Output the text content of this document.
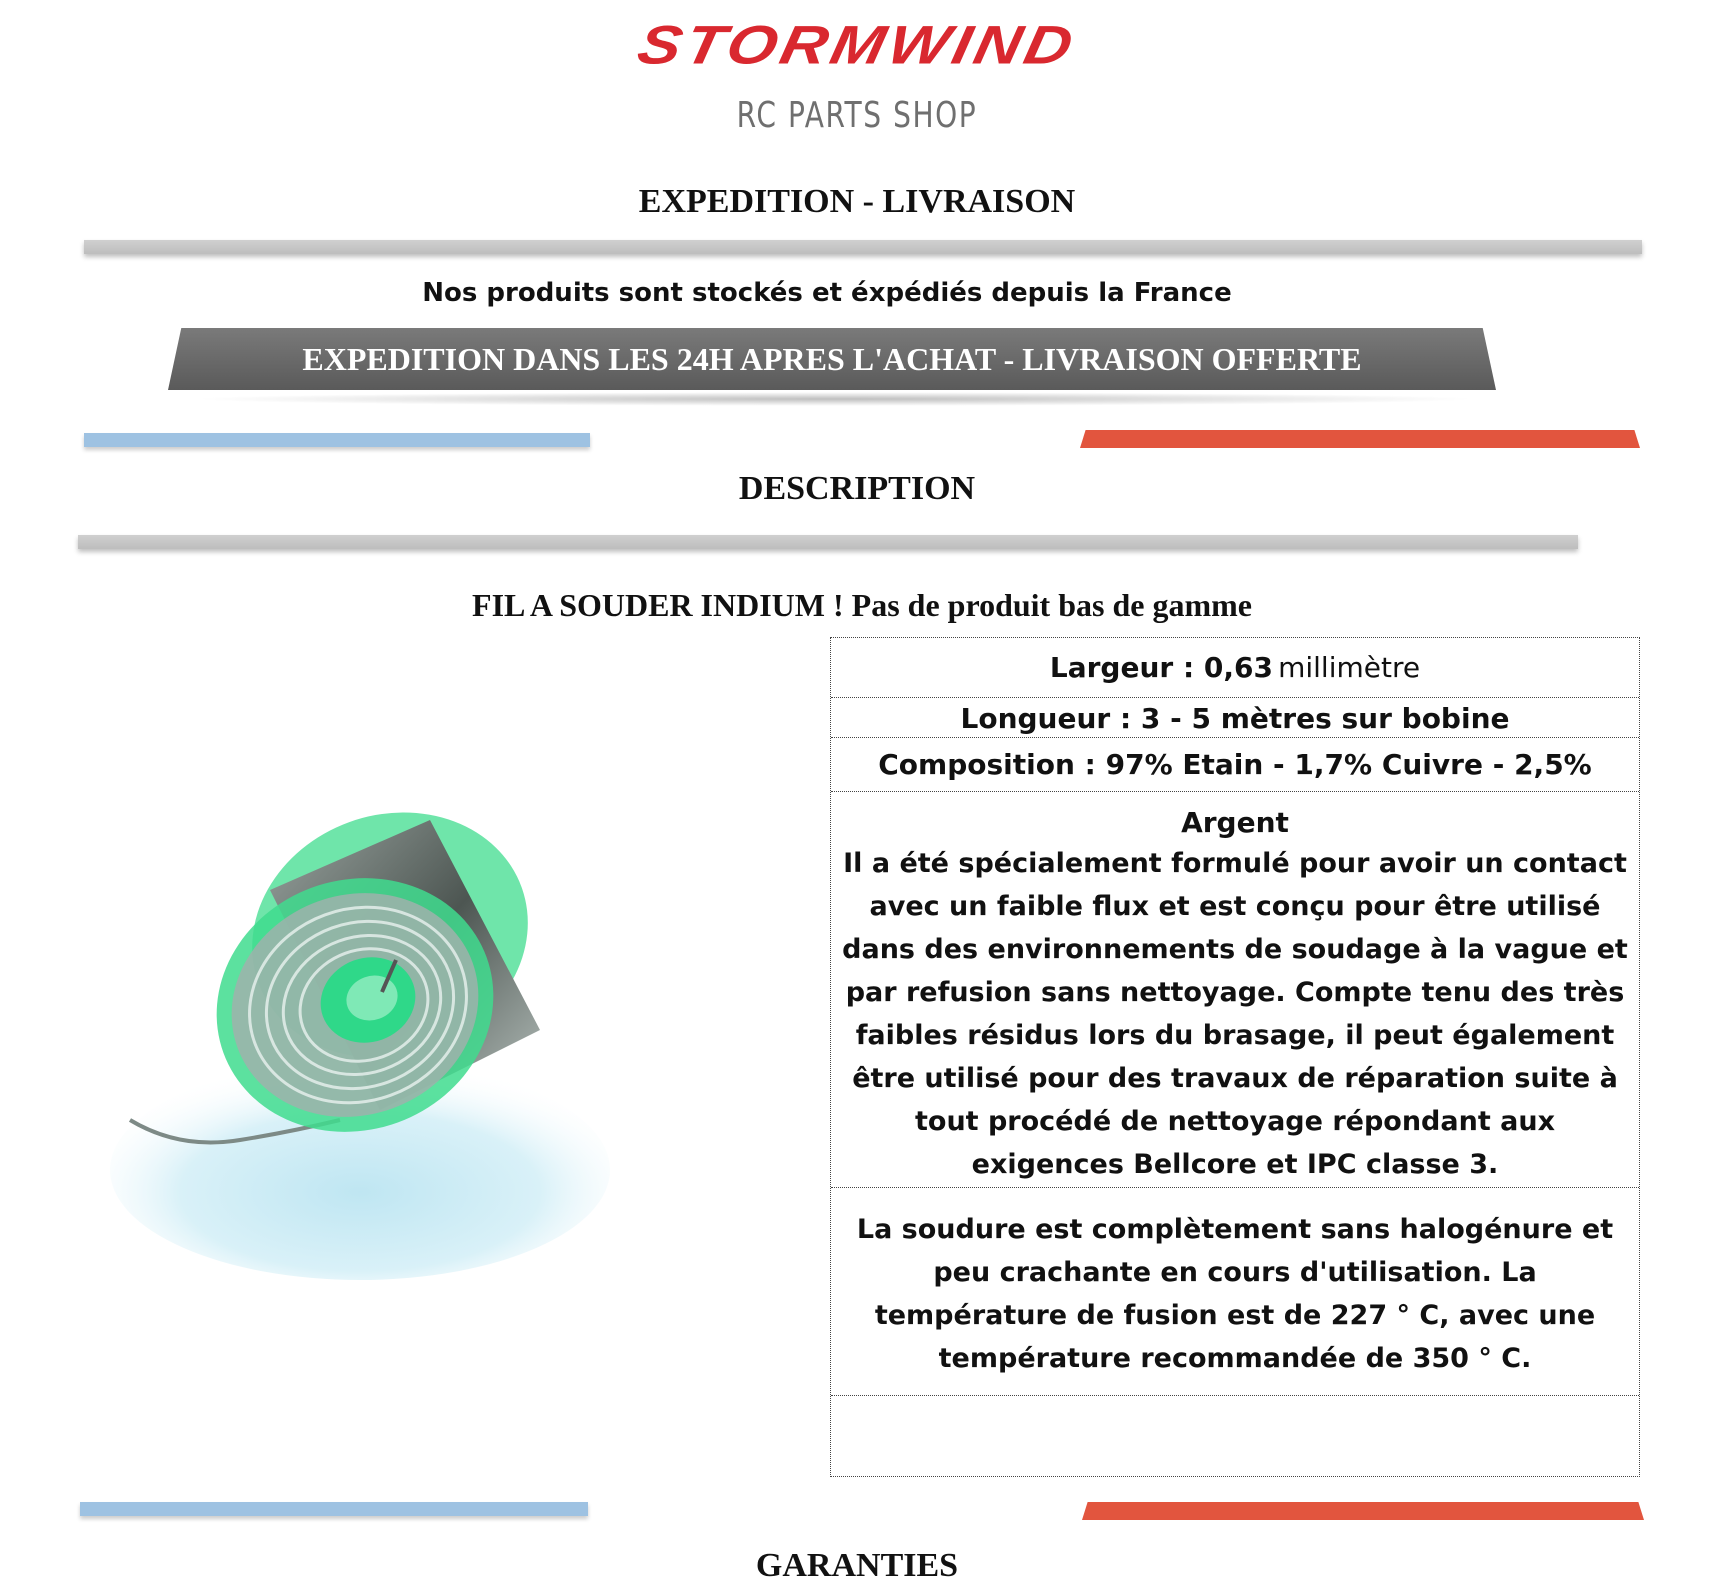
STORMWIND
RC PARTS SHOP
EXPEDITION - LIVRAISON
Nos produits sont stockés et éxpédiés depuis la France
EXPEDITION DANS LES 24H APRES L'ACHAT - LIVRAISON OFFERTE
DESCRIPTION
FIL A SOUDER INDIUM ! Pas de produit bas de gamme
Largeur : 0,63 millimètre
Longueur : 3 - 5 mètres sur bobine
Composition : 97% Etain - 1,7% Cuivre - 2,5% Argent
Il a été spécialement formulé pour avoir un contact avec un faible flux et est conçu pour être utilisé dans des environnements de soudage à la vague et par refusion sans nettoyage. Compte tenu des très faibles résidus lors du brasage, il peut également être utilisé pour des travaux de réparation suite à tout procédé de nettoyage répondant aux exigences Bellcore et IPC classe 3.
La soudure est complètement sans halogénure et peu crachante en cours d'utilisation. La température de fusion est de 227 ° C, avec une température recommandée de 350 ° C.
GARANTIES
